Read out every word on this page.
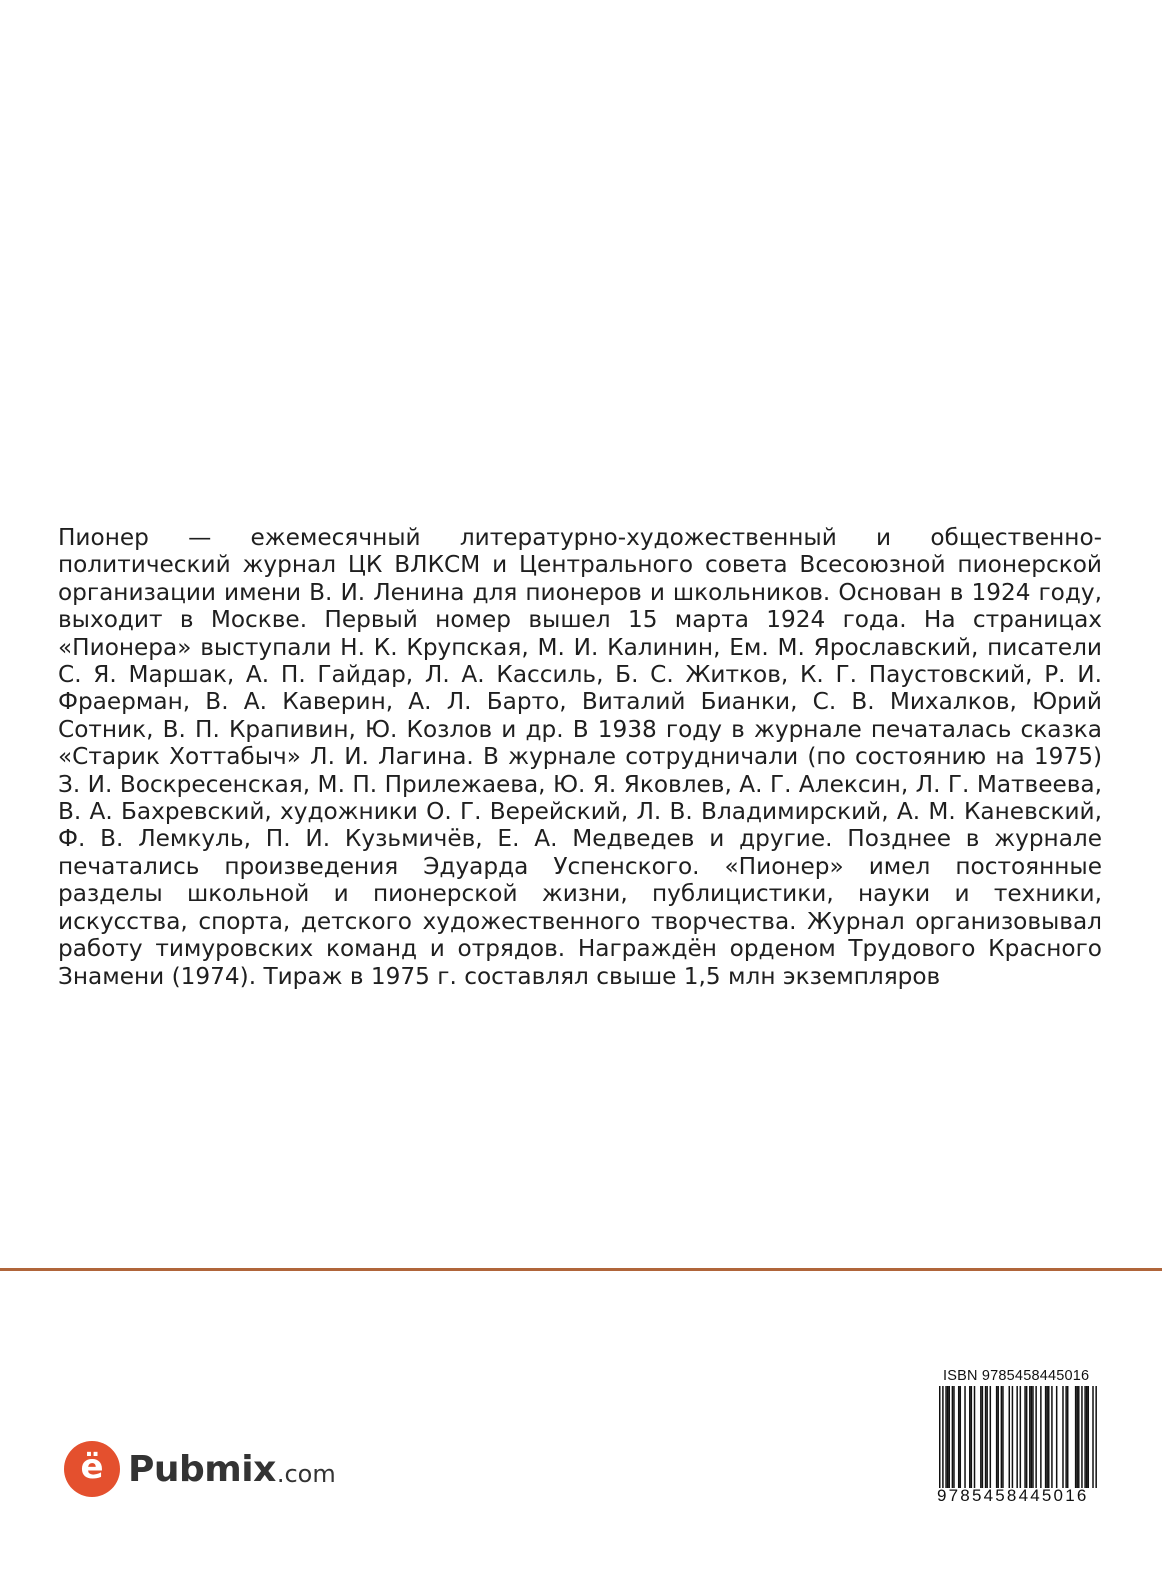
Пионер — ежемесячный литературно-художественный и общественно-политический журнал ЦК ВЛКСМ и Центрального совета Всесоюзной пионерской организации имени В. И. Ленина для пионеров и школьников. Основан в 1924 году, выходит в Москве. Первый номер вышел 15 марта 1924 года. На страницах «Пионера» выступали Н. К. Крупская, М. И. Калинин, Ем. М. Ярославский, писатели С. Я. Маршак, А. П. Гайдар, Л. А. Кассиль, Б. С. Житков, К. Г. Паустовский, Р. И. Фраерман, В. А. Каверин, А. Л. Барто, Виталий Бианки, С. В. Михалков, Юрий Сотник, В. П. Крапивин, Ю. Козлов и др. В 1938 году в журнале печаталась сказка «Старик Хоттабыч» Л. И. Лагина. В журнале сотрудничали (по состоянию на 1975) З. И. Воскресенская, М. П. Прилежаева, Ю. Я. Яковлев, А. Г. Алексин, Л. Г. Матвеева, В. А. Бахревский, художники О. Г. Верейский, Л. В. Владимирский, А. М. Каневский, Ф. В. Лемкуль, П. И. Кузьмичёв, Е. А. Медведев и другие. Позднее в журнале печатались произведения Эдуарда Успенского. «Пионер» имел постоянные разделы школьной и пионерской жизни, публицистики, науки и техники, искусства, спорта, детского художественного творчества. Журнал организовывал работу тимуровских команд и отрядов. Награждён орденом Трудового Красного Знамени (1974). Тираж в 1975 г. составлял свыше 1,5 млн экземпляров

ё Pubmix .com
ISBN 9785458445016
9785458445016
